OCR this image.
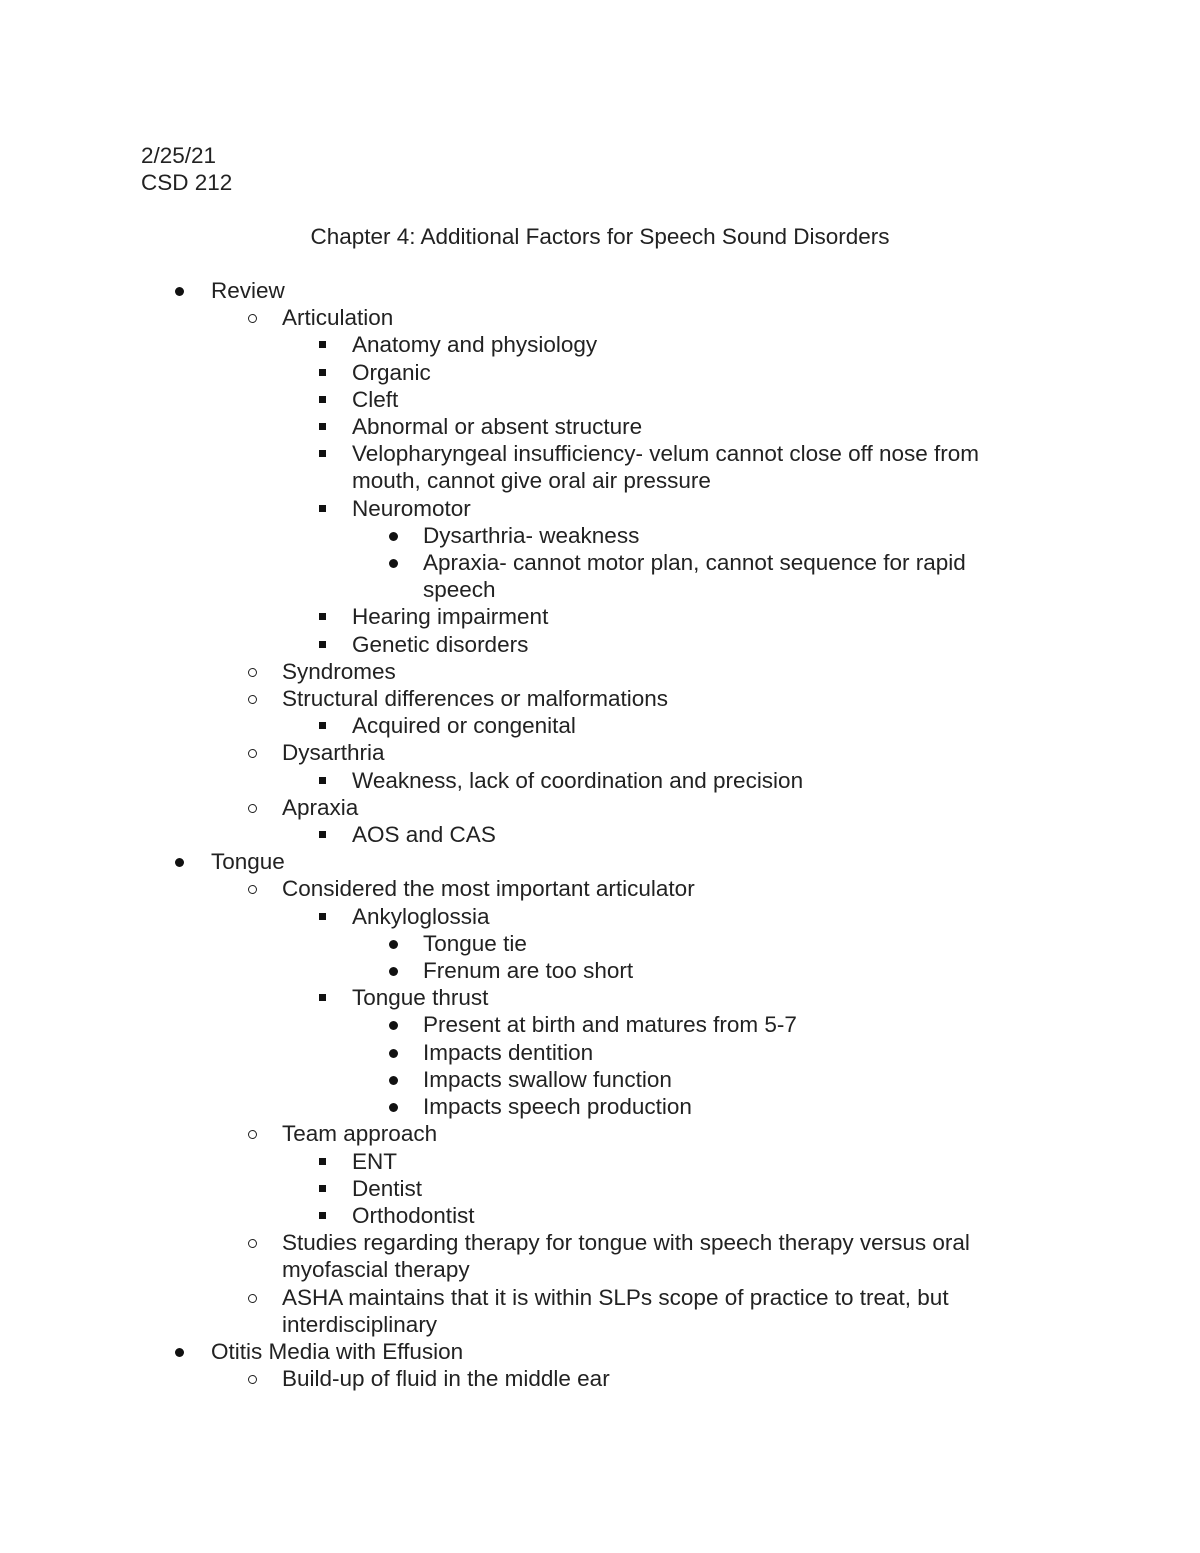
2/25/21
CSD 212
Chapter 4: Additional Factors for Speech Sound Disorders
Review
Articulation
Anatomy and physiology
Organic
Cleft
Abnormal or absent structure
Velopharyngeal insufficiency- velum cannot close off nose from mouth, cannot give oral air pressure
Neuromotor
Dysarthria- weakness
Apraxia- cannot motor plan, cannot sequence for rapid speech
Hearing impairment
Genetic disorders
Syndromes
Structural differences or malformations
Acquired or congenital
Dysarthria
Weakness, lack of coordination and precision
Apraxia
AOS and CAS
Tongue
Considered the most important articulator
Ankyloglossia
Tongue tie
Frenum are too short
Tongue thrust
Present at birth and matures from 5-7
Impacts dentition
Impacts swallow function
Impacts speech production
Team approach
ENT
Dentist
Orthodontist
Studies regarding therapy for tongue with speech therapy versus oral myofascial therapy
ASHA maintains that it is within SLPs scope of practice to treat, but interdisciplinary
Otitis Media with Effusion
Build-up of fluid in the middle ear
